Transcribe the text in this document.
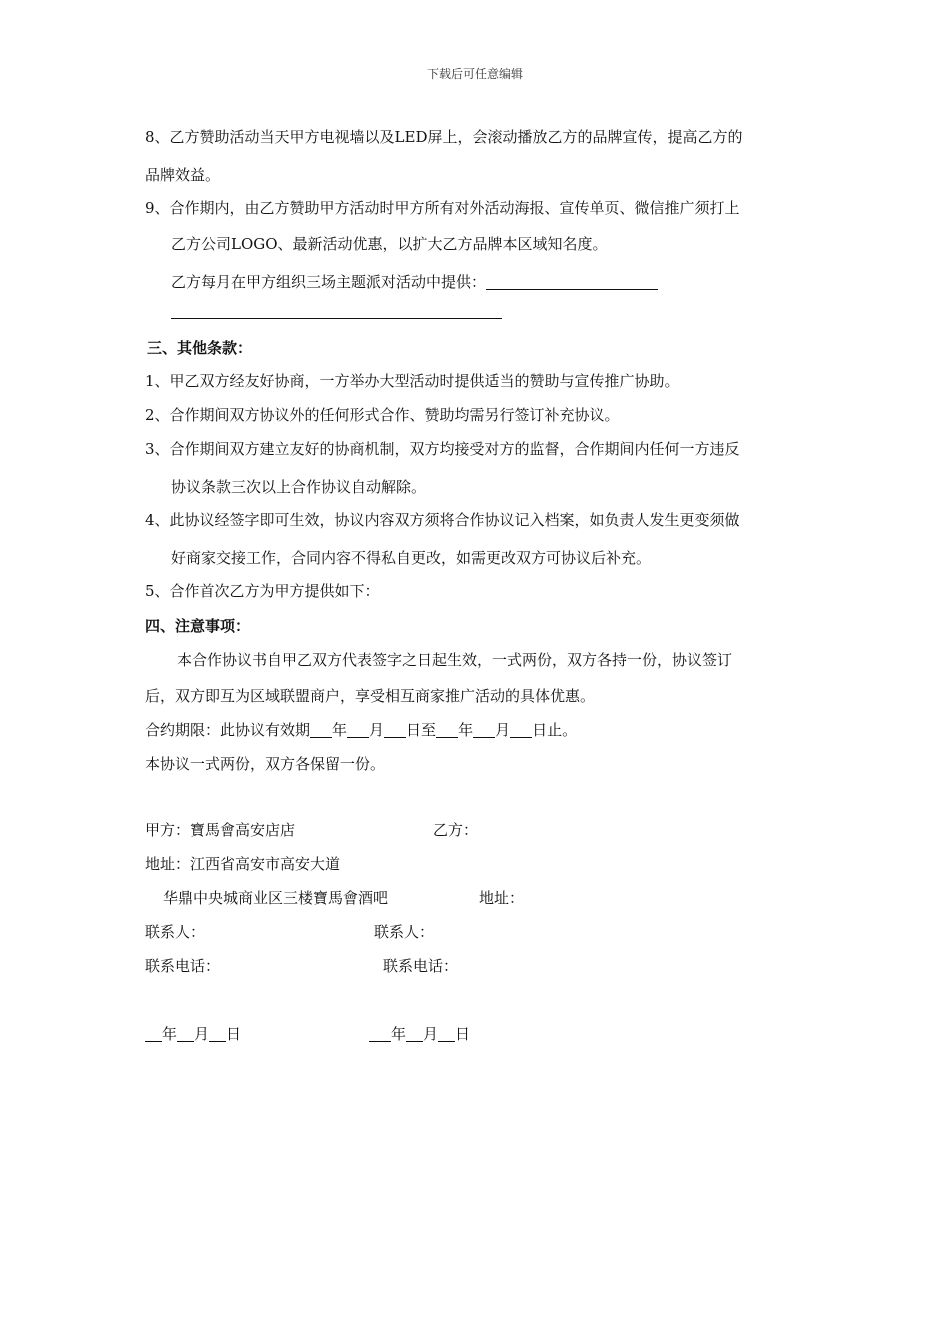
下载后可任意编辑
8、乙方赞助活动当天甲方电视墙以及LED屏上，会滚动播放乙方的品牌宣传，提高乙方的
品牌效益。
9、合作期内，由乙方赞助甲方活动时甲方所有对外活动海报、宣传单页、微信推广须打上
乙方公司LOGO、最新活动优惠，以扩大乙方品牌本区域知名度。
乙方每月在甲方组织三场主题派对活动中提供：
三、其他条款：
1、甲乙双方经友好协商，一方举办大型活动时提供适当的赞助与宣传推广协助。
2、合作期间双方协议外的任何形式合作、赞助均需另行签订补充协议。
3、合作期间双方建立友好的协商机制，双方均接受对方的监督，合作期间内任何一方违反
协议条款三次以上合作协议自动解除。
4、此协议经签字即可生效，协议内容双方须将合作协议记入档案，如负责人发生更变须做
好商家交接工作，合同内容不得私自更改，如需更改双方可协议后补充。
5、合作首次乙方为甲方提供如下：
四、注意事项：
本合作协议书自甲乙双方代表签字之日起生效，一式两份，双方各持一份，协议签订
后，双方即互为区域联盟商户，享受相互商家推广活动的具体优惠。
合约期限：此协议有效期 年 月 日至 年 月 日止。
本协议一式两份，双方各保留一份。
甲方：寶馬會高安店店	乙方：
地址：江西省高安市高安大道
华鼎中央城商业区三楼寶馬會酒吧	地址：
联系人：	联系人：
联系电话：	联系电话：
年 月 日	年 月 日
